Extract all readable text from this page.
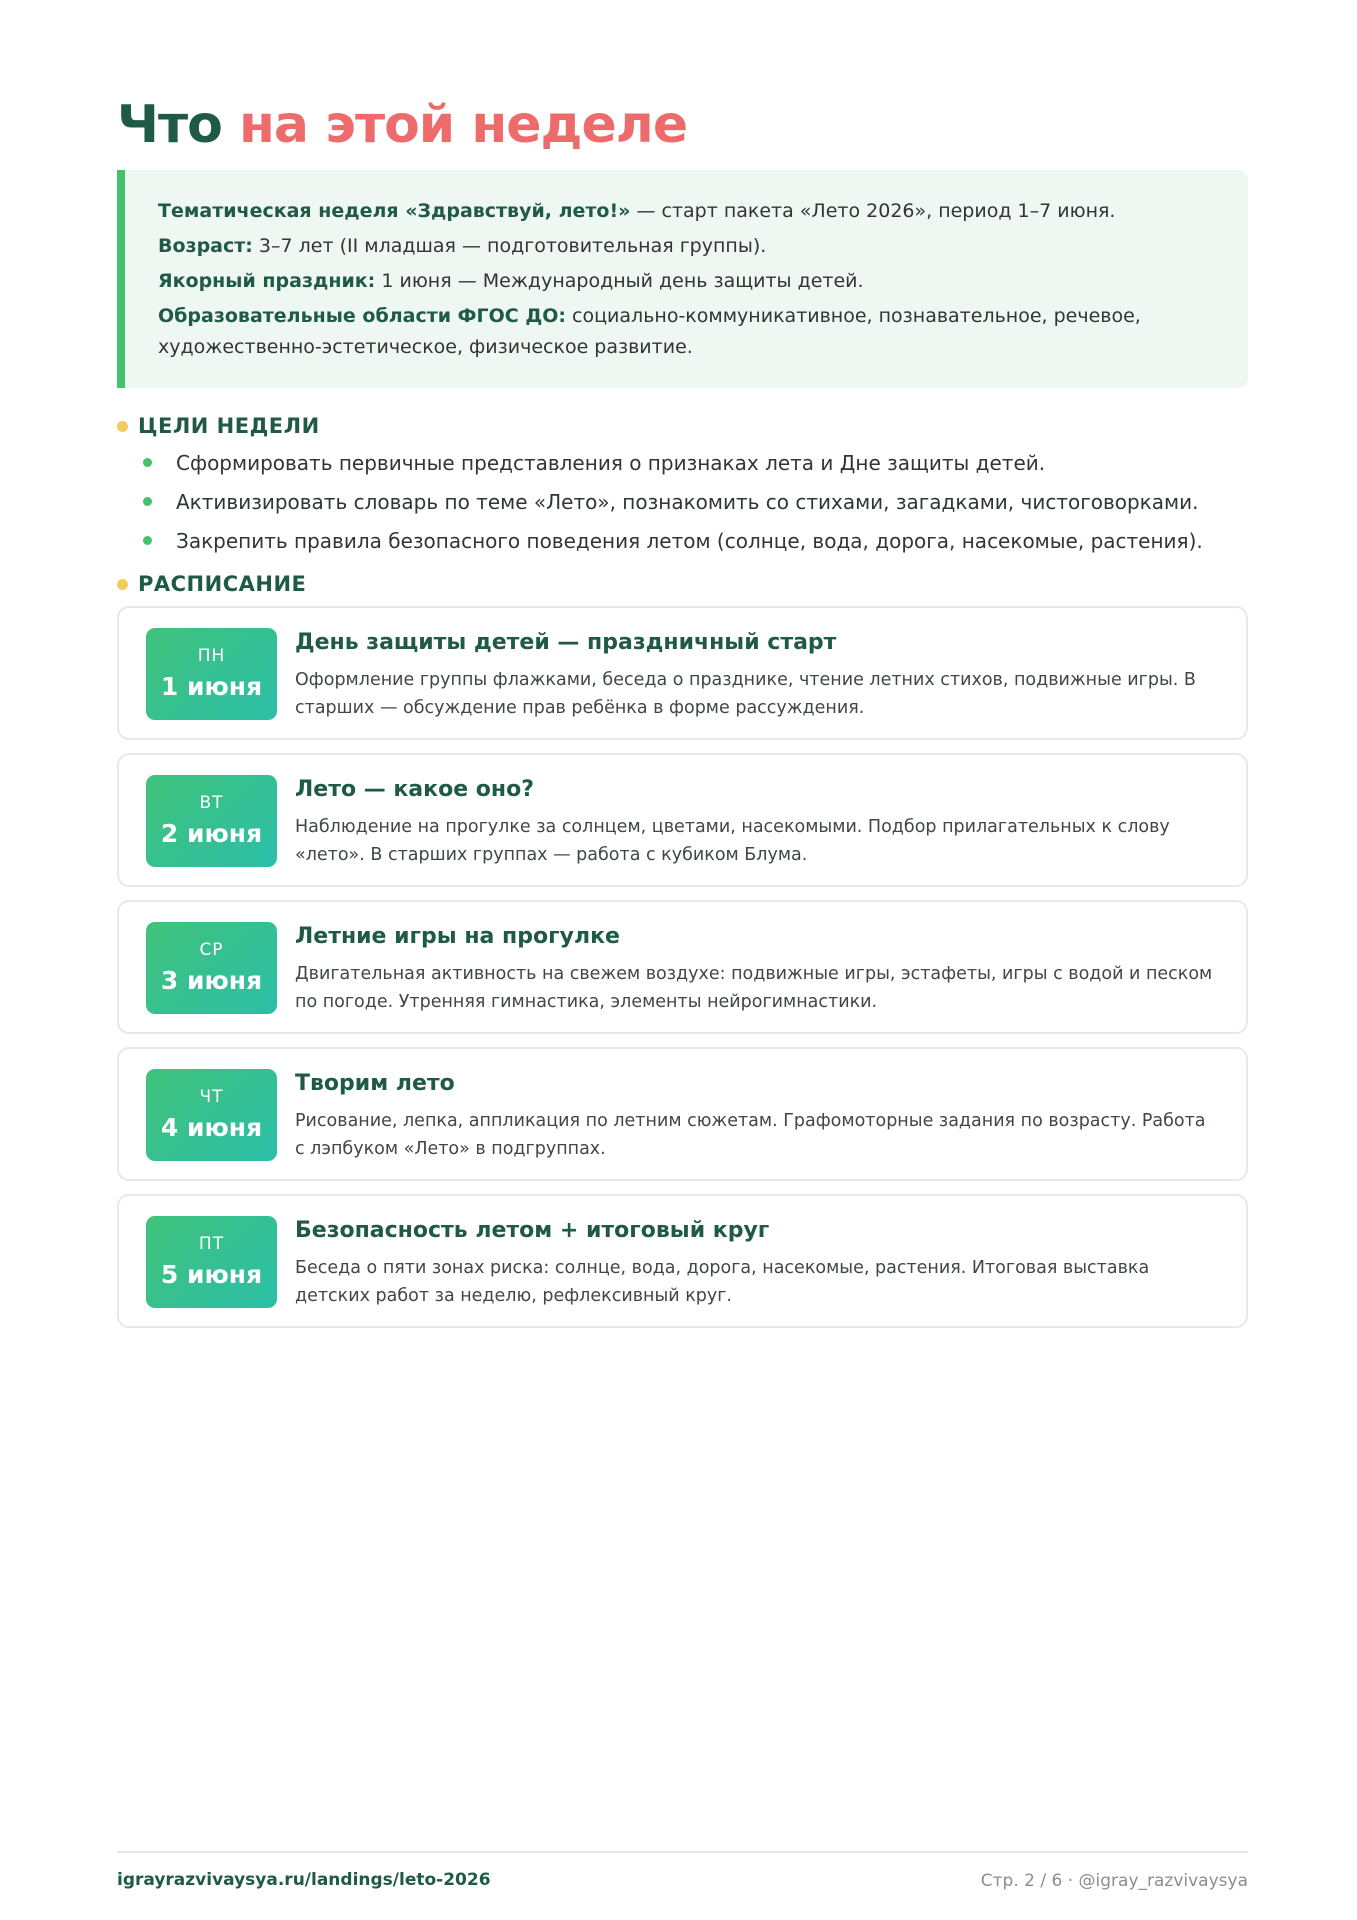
Что на этой неделе

Тематическая неделя «Здравствуй, лето!» — старт пакета «Лето 2026», период 1–7 июня.

Возраст: 3–7 лет (II младшая — подготовительная группы).

Якорный праздник: 1 июня — Международный день защиты детей.

Образовательные области ФГОС ДО: социально-коммуникативное, познавательное, речевое, художественно-эстетическое, физическое развитие.

ЦЕЛИ НЕДЕЛИ
Сформировать первичные представления о признаках лета и Дне защиты детей.
Активизировать словарь по теме «Лето», познакомить со стихами, загадками, чистоговорками.
Закрепить правила безопасного поведения летом (солнце, вода, дорога, насекомые, растения).
РАСПИСАНИЕ
ПН
1 июня
День защиты детей — праздничный старт
Оформление группы флажками, беседа о празднике, чтение летних стихов, подвижные игры. В старших — обсуждение прав ребёнка в форме рассуждения.
ВТ
2 июня
Лето — какое оно?
Наблюдение на прогулке за солнцем, цветами, насекомыми. Подбор прилагательных к слову «лето». В старших группах — работа с кубиком Блума.
СР
3 июня
Летние игры на прогулке
Двигательная активность на свежем воздухе: подвижные игры, эстафеты, игры с водой и песком по погоде. Утренняя гимнастика, элементы нейрогимнастики.
ЧТ
4 июня
Творим лето
Рисование, лепка, аппликация по летним сюжетам. Графомоторные задания по возрасту. Работа с лэпбуком «Лето» в подгруппах.
ПТ
5 июня
Безопасность летом + итоговый круг
Беседа о пяти зонах риска: солнце, вода, дорога, насекомые, растения. Итоговая выставка детских работ за неделю, рефлексивный круг.
igrayrazvivaysya.ru/landings/leto-2026	Стр. 2 / 6 · @igray_razvivaysya
